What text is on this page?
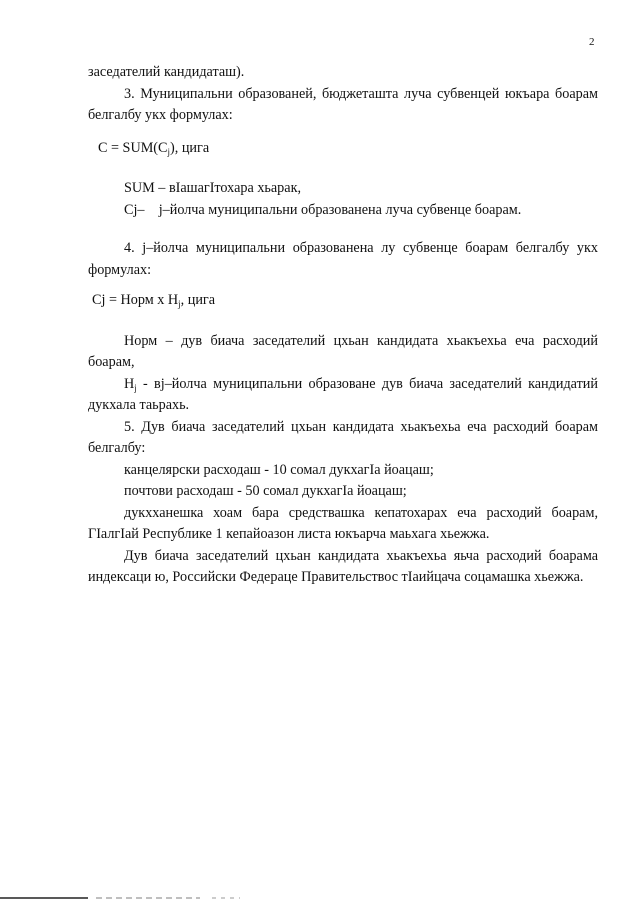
2

заседателий кандидаташ).

3. Муниципальни образованей, бюджеташта луча субвенцей юкъара боарам белгалбу укх формулах:

$C = SUM(C_j)$, цига

SUM – вIашагIтохара хьарак,

Cj– j–йолча муниципальни образованена луча субвенце боарам.

4. j–йолча муниципальни образованена лу субвенце боарам белгалбу укх формулах:

Cj = Норм x $H_j$, цига

Норм – дув биача заседателий цхьан кандидата хьакъехьа еча расходий боарам,

$H_j$ - вj–йолча муниципальни образоване дув биача заседателий кандидатий дукхала таьрахь.

5. Дув биача заседателий цхьан кандидата хьакъехьа еча расходий боарам белгалбу:

канцелярски расходаш - 10 сомал дукхагIа йоацаш;

почтови расходаш - 50 сомал дукхагIа йоацаш;

дукхханешка хоам бара средствашка кепатохарах еча расходий боарам, ГIалгIай Республике 1 кепайоазон листа юкъарча маьхага хьежжа.

Дув биача заседателий цхьан кандидата хьакъехьа яьча расходий боарама индексаци ю, Российски Федераце Правительствос тIаийцача соцамашка хьежжа.
